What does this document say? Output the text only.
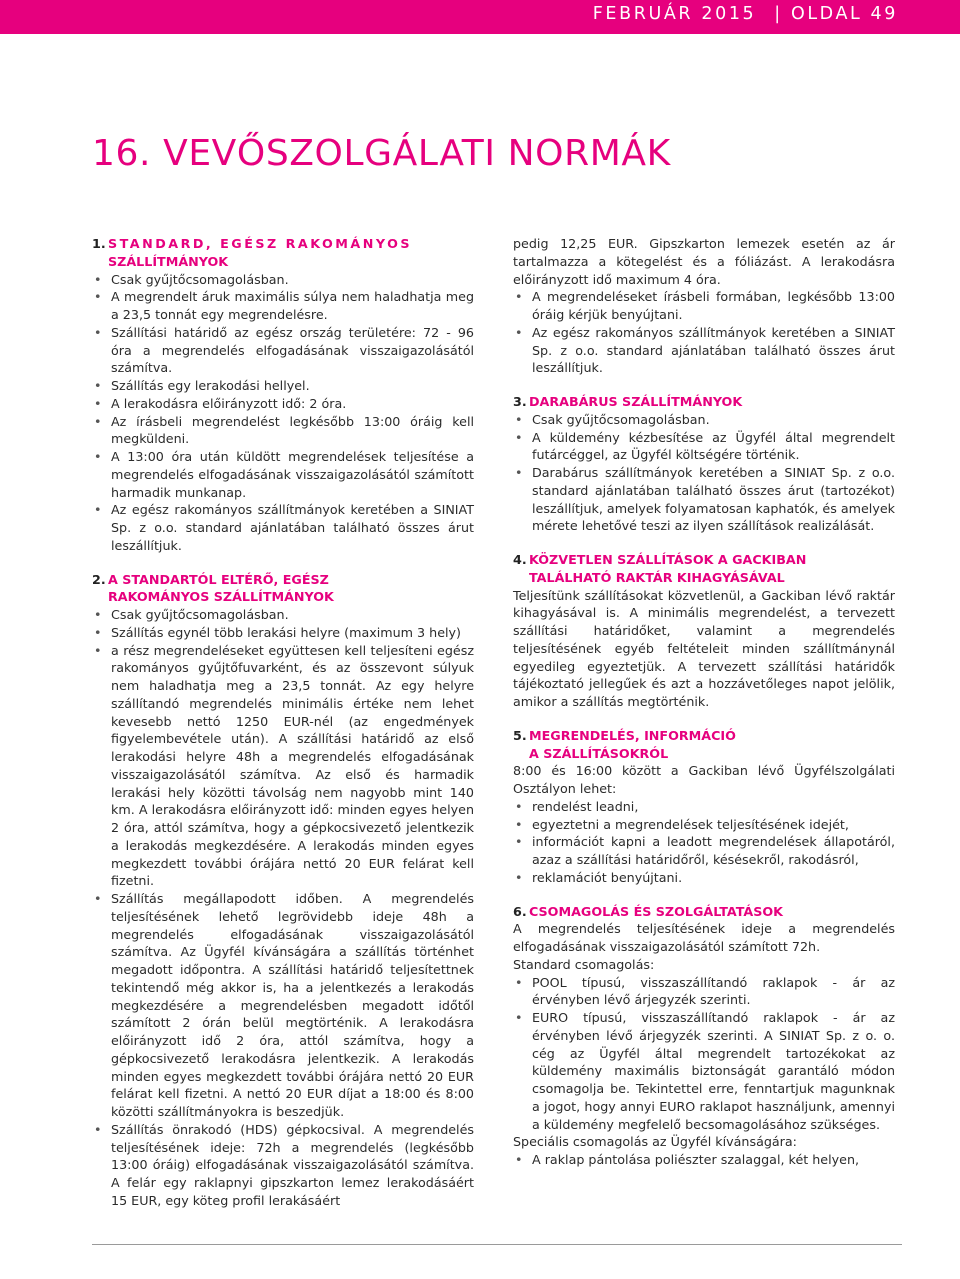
FEBRUÁR 2015 | OLDAL 49
16. VEVŐSZOLGÁLATI NORMÁK
1. STANDARD, EGÉSZ RAKOMÁNYOS
SZÁLLÍTMÁNYOK
• Csak gyűjtőcsomagolásban.
• A megrendelt áruk maximális súlya nem haladhatja meg a 23,5 tonnát egy megrendelésre.
• Szállítási határidő az egész ország területére: 72 - 96 óra a megrendelés elfogadásának visszaigazolásától számítva.
• Szállítás egy lerakodási hellyel.
• A lerakodásra előirányzott idő: 2 óra.
• Az írásbeli megrendelést legkésőbb 13:00 óráig kell megküldeni.
• A 13:00 óra után küldött megrendelések teljesítése a megrendelés elfogadásának visszaigazolásától számított harmadik munkanap.
• Az egész rakományos szállítmányok keretében a SINIAT Sp. z o.o. standard ajánlatában található összes árut leszállítjuk.
2. A STANDARTÓL ELTÉRŐ, EGÉSZ
RAKOMÁNYOS SZÁLLÍTMÁNYOK
• Csak gyűjtőcsomagolásban.
• Szállítás egynél több lerakási helyre (maximum 3 hely)
• a rész megrendeléseket együttesen kell teljesíteni egész rakományos gyűjtőfuvarként, és az összevont súlyuk nem haladhatja meg a 23,5 tonnát. Az egy helyre szállítandó megrendelés minimális értéke nem lehet kevesebb nettó 1250 EUR-nél (az engedmények figyelembevétele után). A szállítási határidő az első lerakodási helyre 48h a megrendelés elfogadásának visszaigazolásától számítva. Az első és harmadik lerakási hely közötti távolság nem nagyobb mint 140 km. A lerakodásra előirányzott idő: minden egyes helyen 2 óra, attól számítva, hogy a gépkocsivezető jelentkezik a lerakodás megkezdésére. A lerakodás minden egyes megkezdett további órájára nettó 20 EUR felárat kell fizetni.
• Szállítás megállapodott időben. A megrendelés teljesítésének lehető legrövidebb ideje 48h a megrendelés elfogadásának visszaigazolásától számítva. Az Ügyfél kívánságára a szállítás történhet megadott időpontra. A szállítási határidő teljesítettnek tekintendő még akkor is, ha a jelentkezés a lerakodás megkezdésére a megrendelésben megadott időtől számított 2 órán belül megtörténik. A lerakodásra előirányzott idő 2 óra, attól számítva, hogy a gépkocsivezető lerakodásra jelentkezik. A lerakodás minden egyes megkezdett további órájára nettó 20 EUR felárat kell fizetni. A nettó 20 EUR díjat a 18:00 és 8:00 közötti szállítmányokra is beszedjük.
• Szállítás önrakodó (HDS) gépkocsival. A megrendelés teljesítésének ideje: 72h a megrendelés (legkésőbb 13:00 óráig) elfogadásának visszaigazolásától számítva. A felár egy raklapnyi gipszkarton lemez lerakodásáért 15 EUR, egy köteg profil lerakásáért

pedig 12,25 EUR. Gipszkarton lemezek esetén az ár tartalmazza a kötegelést és a fóliázást. A lerakodásra előirányzott idő maximum 4 óra.

• A megrendeléseket írásbeli formában, legkésőbb 13:00 óráig kérjük benyújtani.
• Az egész rakományos szállítmányok keretében a SINIAT Sp. z o.o. standard ajánlatában található összes árut leszállítjuk.
3. DARABÁRUS SZÁLLÍTMÁNYOK
• Csak gyűjtőcsomagolásban.
• A küldemény kézbesítése az Ügyfél által megrendelt futárcéggel, az Ügyfél költségére történik.
• Darabárus szállítmányok keretében a SINIAT Sp. z o.o. standard ajánlatában található összes árut (tartozékot) leszállítjuk, amelyek folyamatosan kaphatók, és amelyek mérete lehetővé teszi az ilyen szállítások realizálását.
4. KÖZVETLEN SZÁLLÍTÁSOK A GACKIBAN
TALÁLHATÓ RAKTÁR KIHAGYÁSÁVAL

Teljesítünk szállításokat közvetlenül, a Gackiban lévő raktár kihagyásával is. A minimális megrendelést, a tervezett szállítási határidőket, valamint a megrendelés teljesítésének egyéb feltételeit minden szállítmánynál egyedileg egyeztetjük. A tervezett szállítási határidők tájékoztató jellegűek és azt a hozzávetőleges napot jelölik, amikor a szállítás megtörténik.

5. MEGRENDELÉS, INFORMÁCIÓ
A SZÁLLÍTÁSOKRÓL

8:00 és 16:00 között a Gackiban lévő Ügyfélszolgálati Osztályon lehet:

• rendelést leadni,
• egyeztetni a megrendelések teljesítésének idejét,
• információt kapni a leadott megrendelések állapotáról, azaz a szállítási határidőről, késésekről, rakodásról,
• reklamációt benyújtani.
6. CSOMAGOLÁS ÉS SZOLGÁLTATÁSOK

A megrendelés teljesítésének ideje a megrendelés elfogadásának visszaigazolásától számított 72h.

Standard csomagolás:

• POOL típusú, visszaszállítandó raklapok - ár az érvényben lévő árjegyzék szerinti.
• EURO típusú, visszaszállítandó raklapok - ár az érvényben lévő árjegyzék szerinti. A SINIAT Sp. z o. o. cég az Ügyfél által megrendelt tartozékokat az küldemény maximális biztonságát garantáló módon csomagolja be. Tekintettel erre, fenntartjuk magunknak a jogot, hogy annyi EURO raklapot használjunk, amennyi a küldemény megfelelő becsomagolásához szükséges.

Speciális csomagolás az Ügyfél kívánságára:

• A raklap pántolása poliészter szalaggal, két helyen,
